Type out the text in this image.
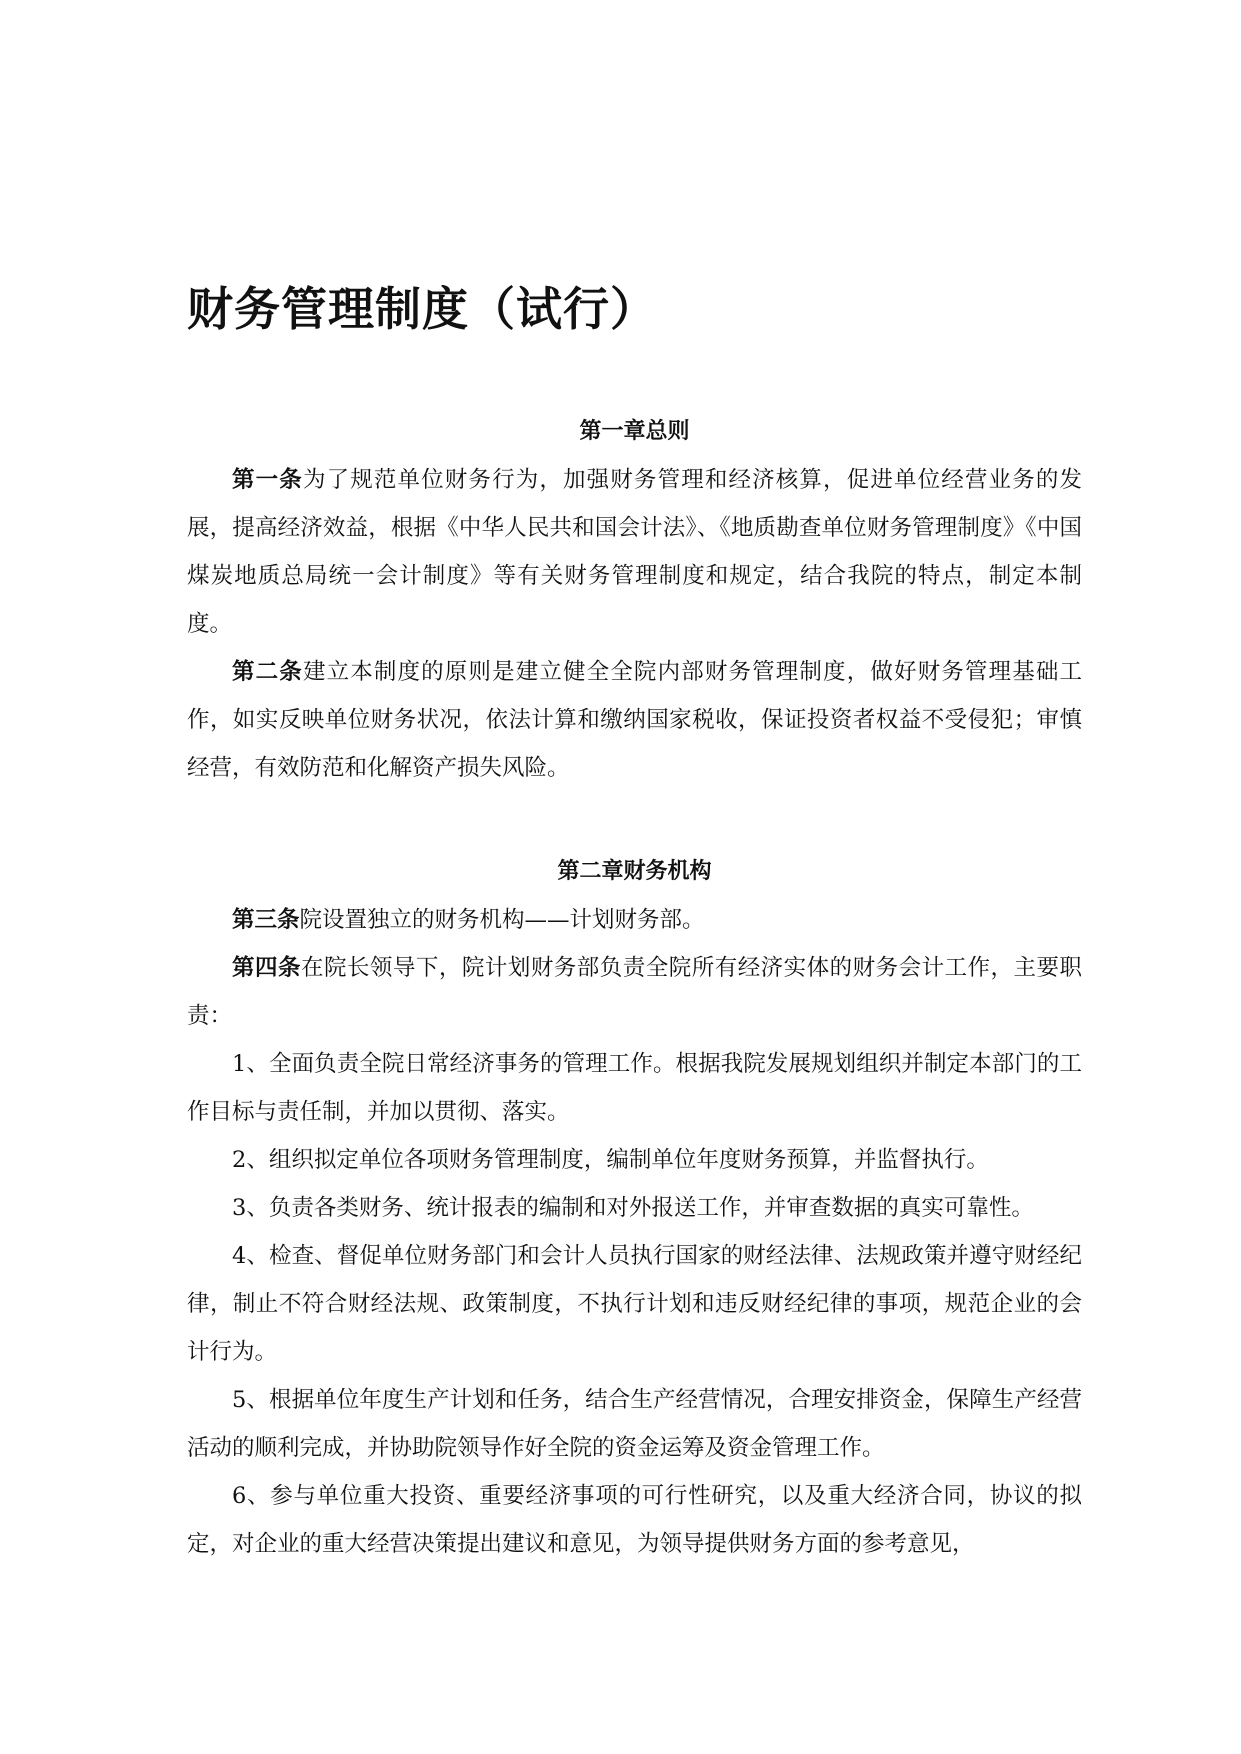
财务管理制度（试行）
第一章总则

第一条为了规范单位财务行为，加强财务管理和经济核算，促进单位经营业务的发展，提高经济效益，根据《中华人民共和国会计法》、《地质勘查单位财务管理制度》《中国煤炭地质总局统一会计制度》等有关财务管理制度和规定，结合我院的特点，制定本制度。

第二条建立本制度的原则是建立健全全院内部财务管理制度，做好财务管理基础工作，如实反映单位财务状况，依法计算和缴纳国家税收，保证投资者权益不受侵犯；审慎经营，有效防范和化解资产损失风险。

第二章财务机构

第三条院设置独立的财务机构——计划财务部。

第四条在院长领导下，院计划财务部负责全院所有经济实体的财务会计工作，主要职责：

1、全面负责全院日常经济事务的管理工作。根据我院发展规划组织并制定本部门的工作目标与责任制，并加以贯彻、落实。

2、组织拟定单位各项财务管理制度，编制单位年度财务预算，并监督执行。

3、负责各类财务、统计报表的编制和对外报送工作，并审查数据的真实可靠性。

4、检查、督促单位财务部门和会计人员执行国家的财经法律、法规政策并遵守财经纪律，制止不符合财经法规、政策制度，不执行计划和违反财经纪律的事项，规范企业的会计行为。

5、根据单位年度生产计划和任务，结合生产经营情况，合理安排资金，保障生产经营活动的顺利完成，并协助院领导作好全院的资金运筹及资金管理工作。

6、参与单位重大投资、重要经济事项的可行性研究，以及重大经济合同，协议的拟定，对企业的重大经营决策提出建议和意见，为领导提供财务方面的参考意见，
